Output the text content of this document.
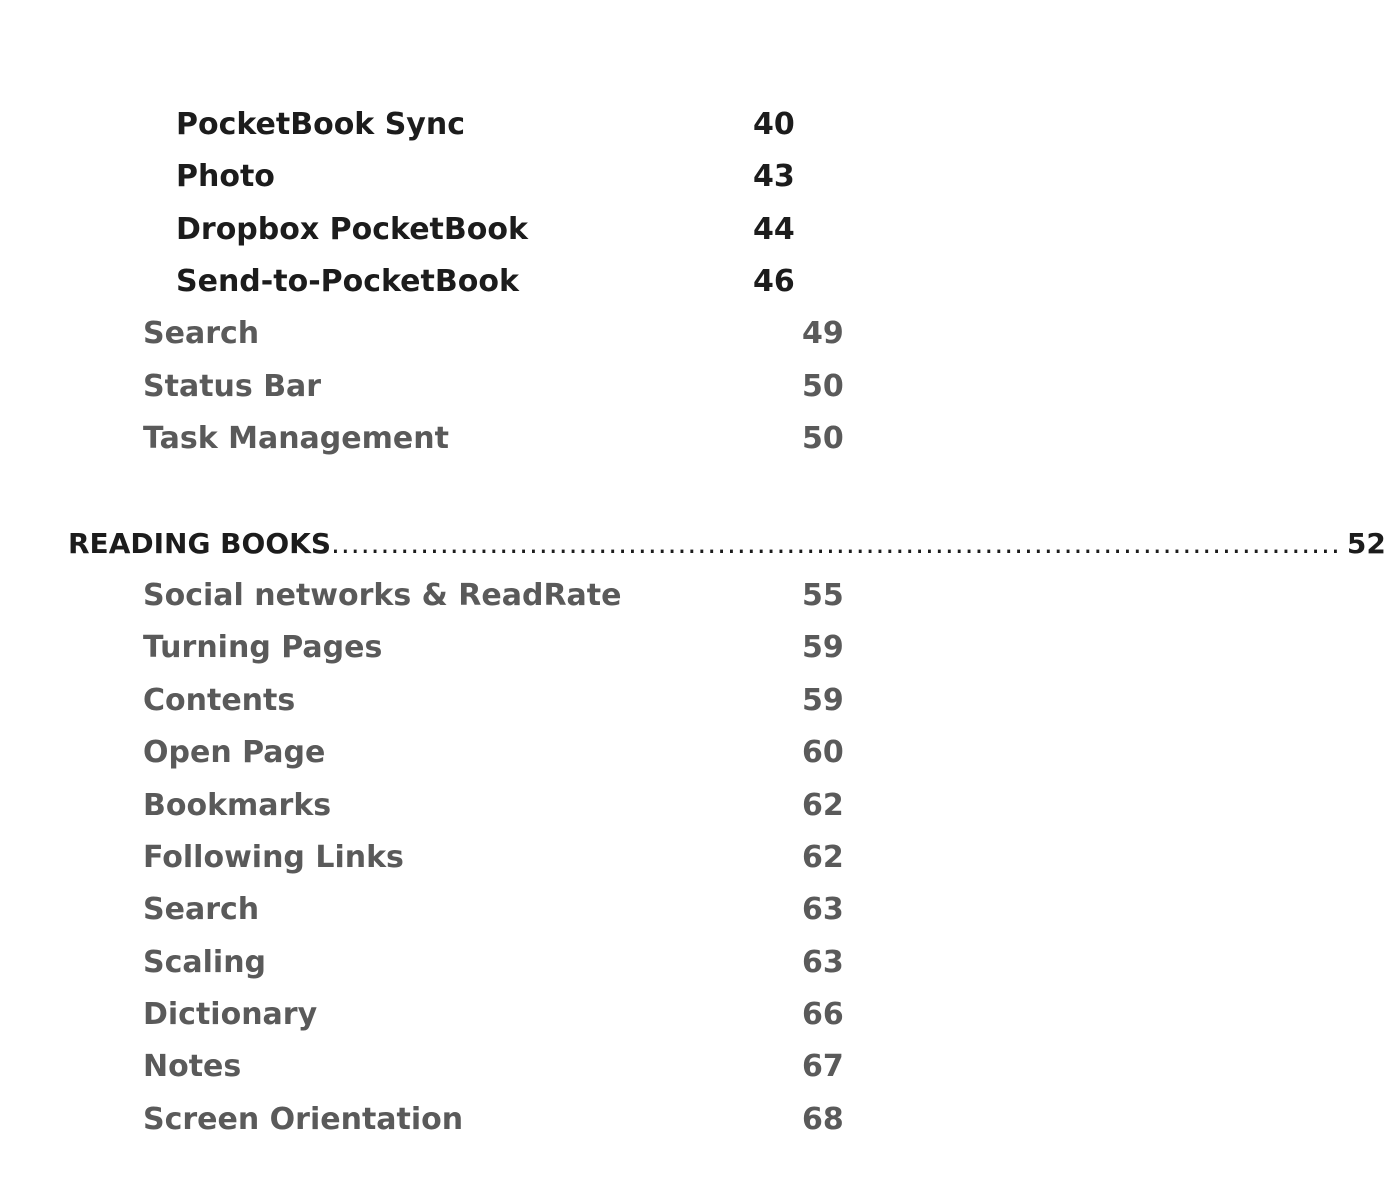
PocketBook Sync	40
Photo	43
Dropbox PocketBook	44
Send-to-PocketBook	46
Search	49
Status Bar	50
Task Management	50
READING BOOKS ...................................................................................................... 52
Social networks & ReadRate	55
Turning Pages	59
Contents	59
Open Page	60
Bookmarks	62
Following Links	62
Search	63
Scaling	63
Dictionary	66
Notes	67
Screen Orientation	68
